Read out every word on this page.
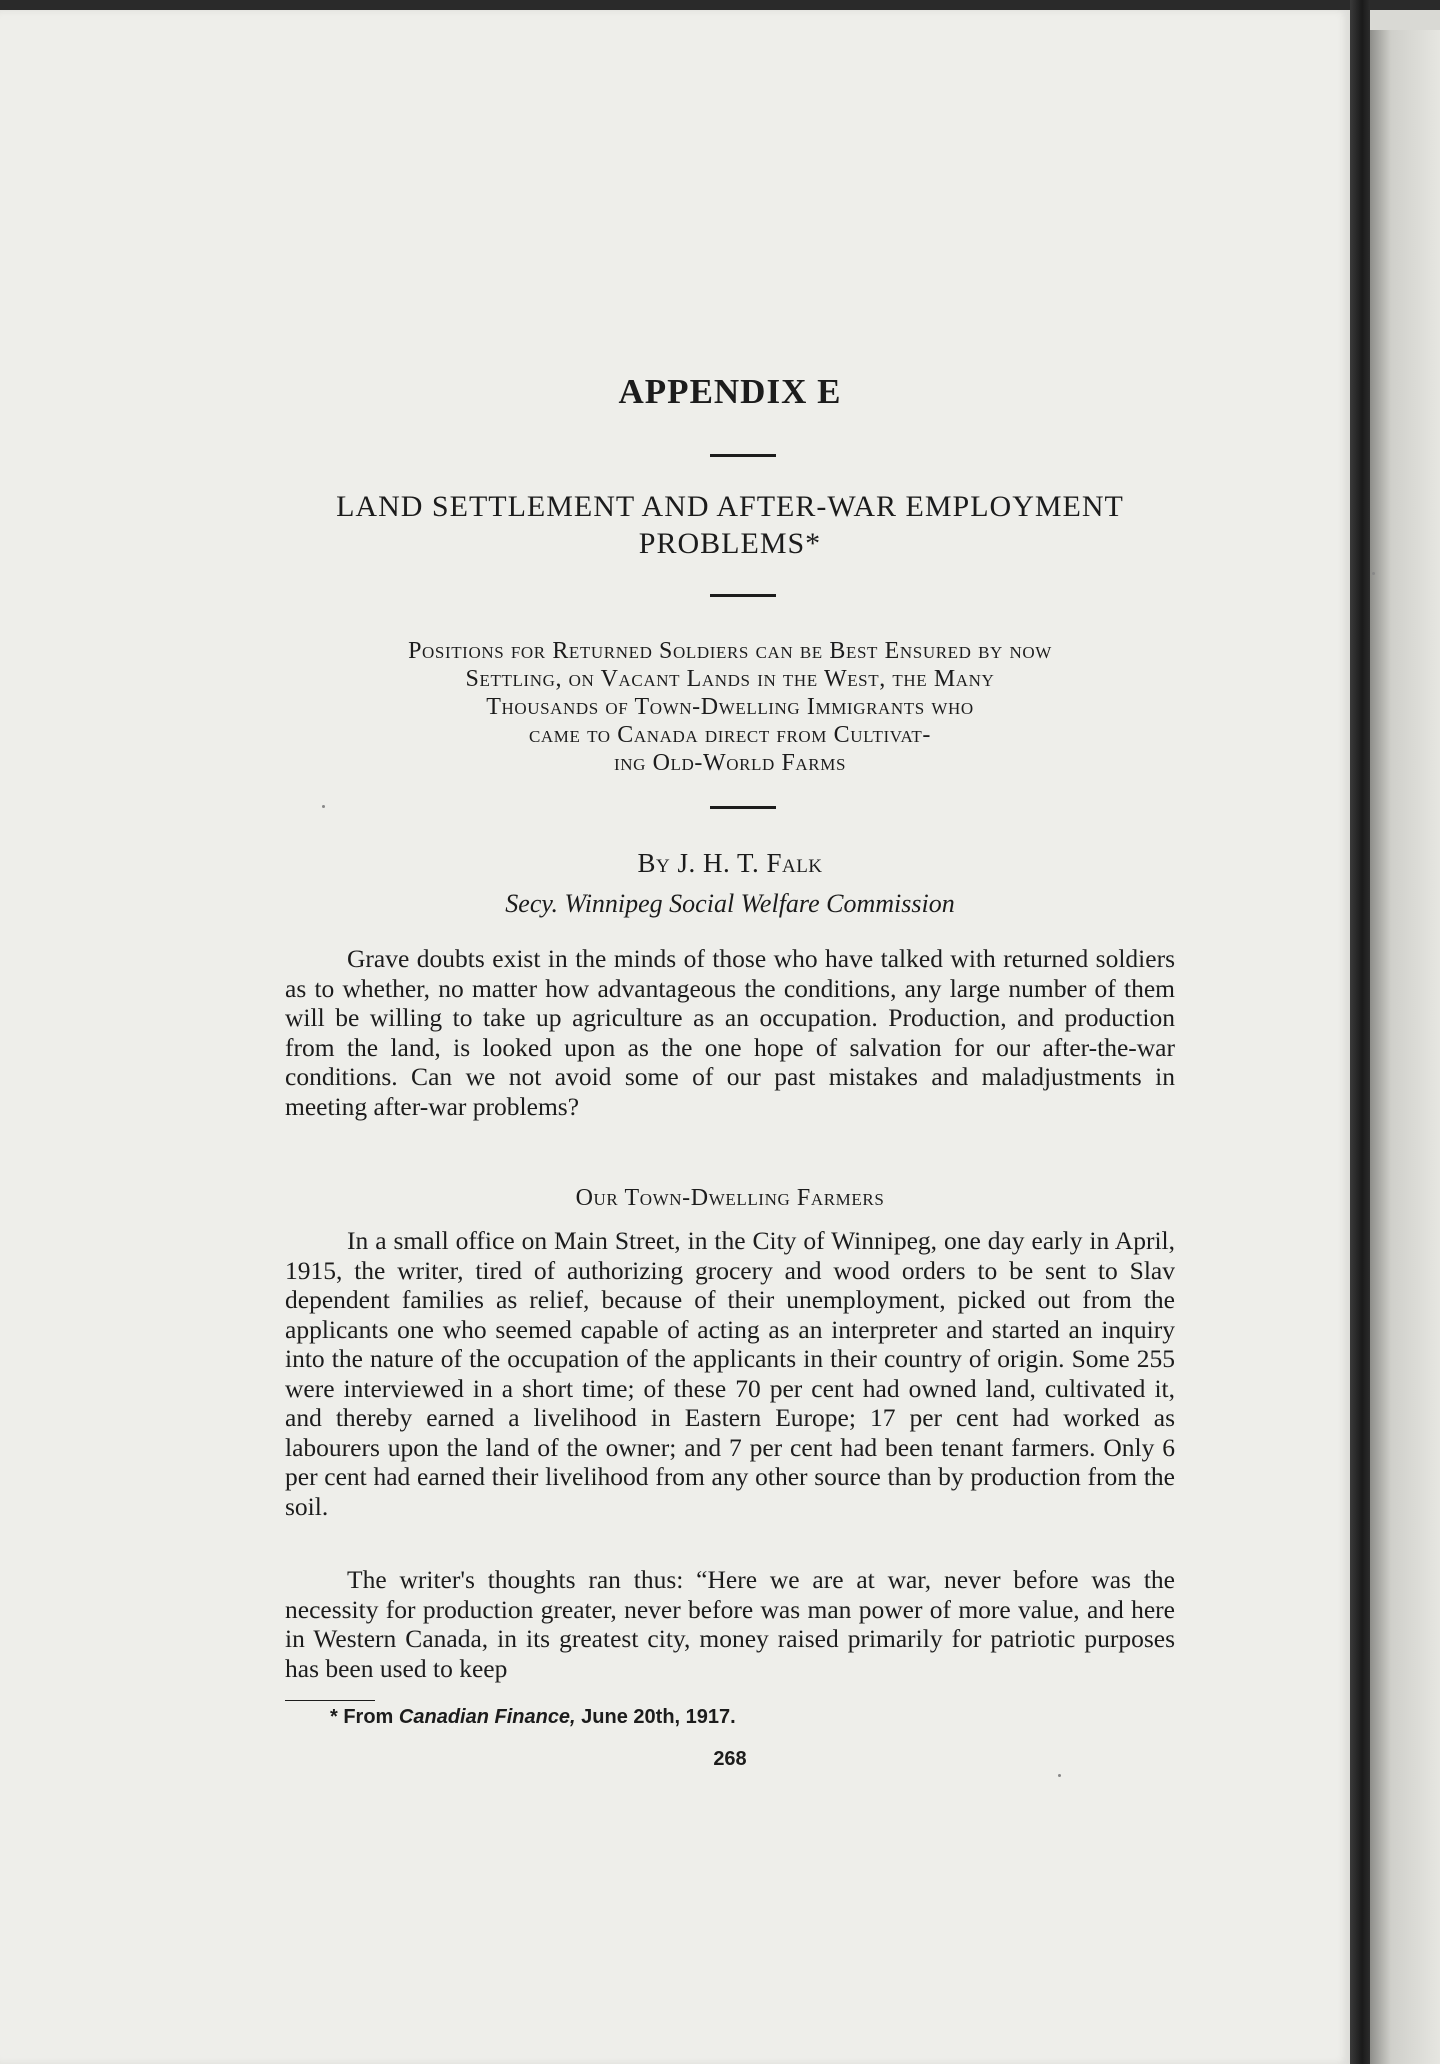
APPENDIX E
LAND SETTLEMENT AND AFTER-WAR EMPLOYMENT
PROBLEMS*
Positions for Returned Soldiers can be Best Ensured by now
Settling, on Vacant Lands in the West, the Many
Thousands of Town-Dwelling Immigrants who
came to Canada direct from Cultivat-
ing Old-World Farms
By J. H. T. Falk
Secy. Winnipeg Social Welfare Commission

Grave doubts exist in the minds of those who have talked with returned soldiers as to whether, no matter how advantageous the conditions, any large number of them will be willing to take up agriculture as an occupation. Production, and production from the land, is looked upon as the one hope of salvation for our after-the-war conditions. Can we not avoid some of our past mistakes and maladjustments in meeting after-war problems?

Our Town-Dwelling Farmers

In a small office on Main Street, in the City of Winnipeg, one day early in April, 1915, the writer, tired of authorizing grocery and wood orders to be sent to Slav dependent families as relief, because of their unemployment, picked out from the applicants one who seemed capable of acting as an interpreter and started an inquiry into the nature of the occupation of the applicants in their country of origin. Some 255 were interviewed in a short time; of these 70 per cent had owned land, cultivated it, and thereby earned a livelihood in Eastern Europe; 17 per cent had worked as labourers upon the land of the owner; and 7 per cent had been tenant farmers. Only 6 per cent had earned their livelihood from any other source than by production from the soil.

The writer's thoughts ran thus: “Here we are at war, never before was the necessity for production greater, never before was man power of more value, and here in Western Canada, in its greatest city, money raised primarily for patriotic purposes has been used to keep

* From Canadian Finance, June 20th, 1917.
268
